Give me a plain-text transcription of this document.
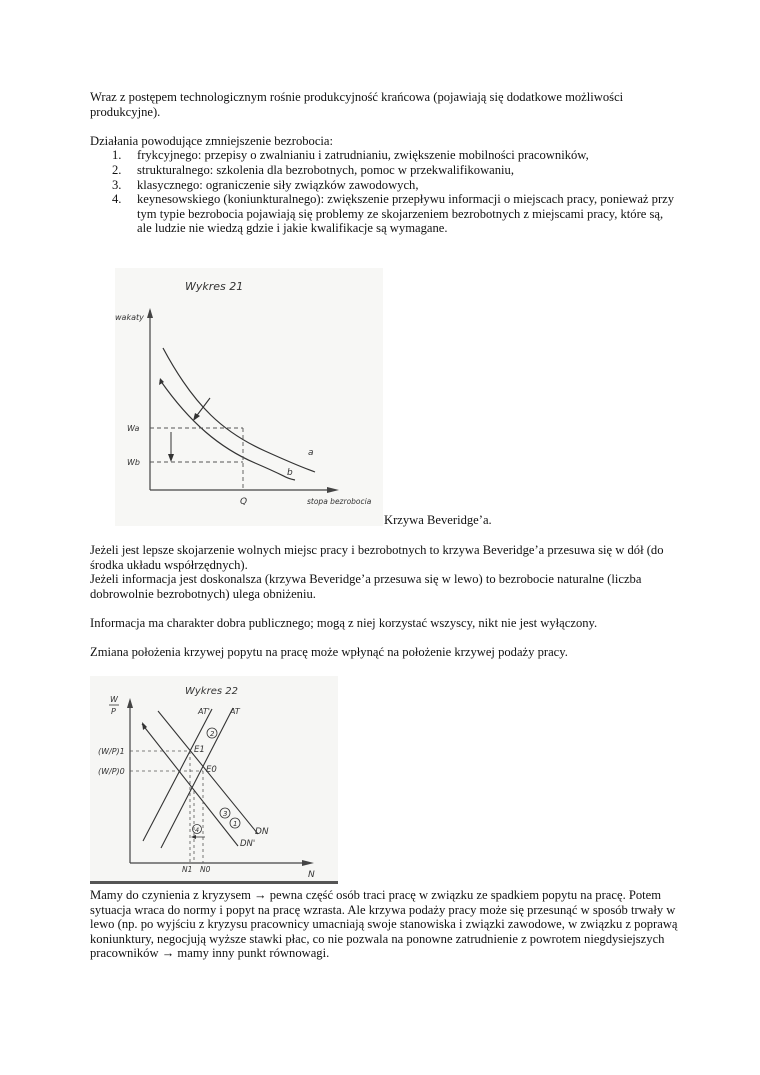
Wraz z postępem technologicznym rośnie produkcyjność krańcowa (pojawiają się dodatkowe możliwości produkcyjne).

Działania powodujące zmniejszenie bezrobocia:

1. frykcyjnego: przepisy o zwalnianiu i zatrudnianiu, zwiększenie mobilności pracowników,
2. strukturalnego: szkolenia dla bezrobotnych, pomoc w przekwalifikowaniu,
3. klasycznego: ograniczenie siły związków zawodowych,
4. keynesowskiego (koniunkturalnego): zwiększenie przepływu informacji o miejscach pracy, ponieważ przy tym typie bezrobocia pojawiają się problemy ze skojarzeniem bezrobotnych z miejscami pracy, które są, ale ludzie nie wiedzą gdzie i jakie kwalifikacje są wymagane.
Wykres 21
wakaty
Wa
Wb
Q	stopa bezrobocia
a
b
Krzywa Beveridge’a.

Jeżeli jest lepsze skojarzenie wolnych miejsc pracy i bezrobotnych to krzywa Beveridge’a przesuwa się w dół (do środka układu współrzędnych).

Jeżeli informacja jest doskonalsza (krzywa Beveridge’a przesuwa się w lewo) to bezrobocie naturalne (liczba dobrowolnie bezrobotnych) ulega obniżeniu.

Informacja ma charakter dobra publicznego; mogą z niej korzystać wszyscy, nikt nie jest wyłączony.

Zmiana położenia krzywej popytu na pracę może wpłynąć na położenie krzywej podaży pracy.

Wykres 22
W
P
2
3
1
4
(W/P)1
(W/P)0
E1
E0
AT'	AT
DN
DN'
N1 N0
N

Mamy do czynienia z kryzysem → pewna część osób traci pracę w związku ze spadkiem popytu na pracę. Potem sytuacja wraca do normy i popyt na pracę wzrasta. Ale krzywa podaży pracy może się przesunąć w sposób trwały w lewo (np. po wyjściu z kryzysu pracownicy umacniają swoje stanowiska i związki zawodowe, w związku z poprawą koniunktury, negocjują wyższe stawki płac, co nie pozwala na ponowne zatrudnienie z powrotem niegdysiejszych pracowników → mamy inny punkt równowagi.
